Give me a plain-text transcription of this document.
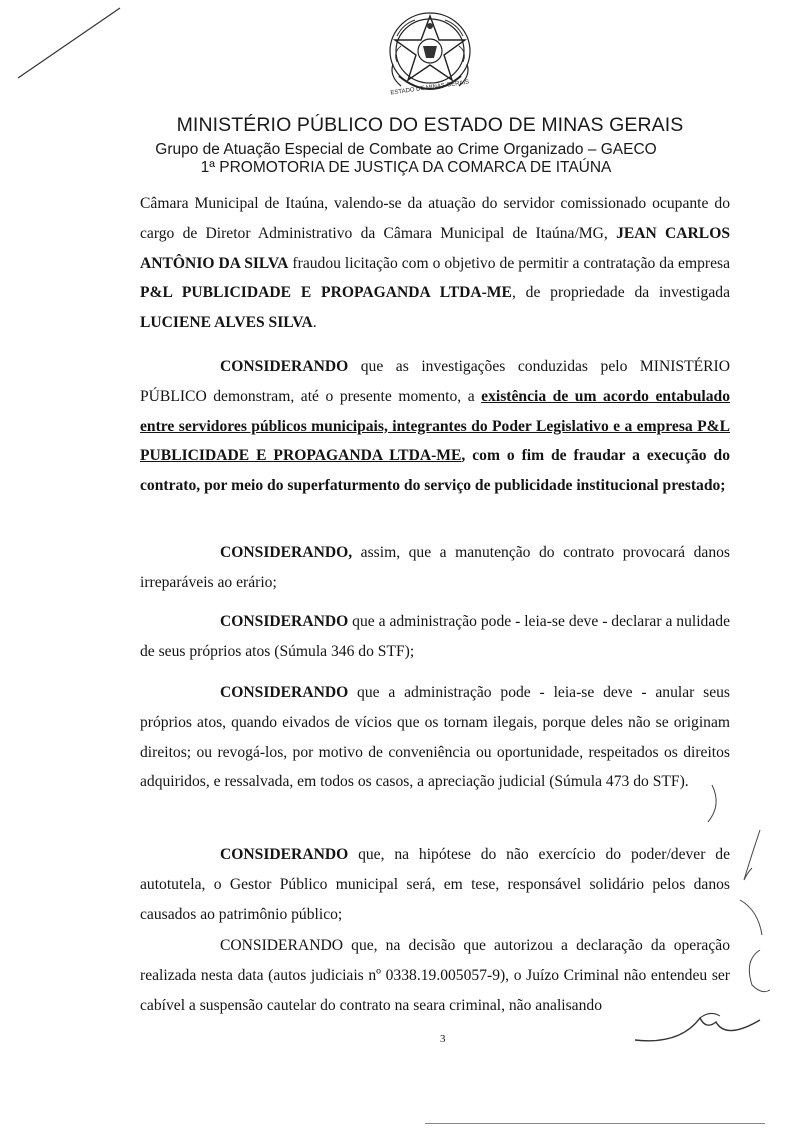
ESTADO DE MINAS GERAIS
MINISTÉRIO PÚBLICO DO ESTADO DE MINAS GERAIS
Grupo de Atuação Especial de Combate ao Crime Organizado – GAECO
1ª PROMOTORIA DE JUSTIÇA DA COMARCA DE ITAÚNA
Câmara Municipal de Itaúna, valendo-se da atuação do servidor comissionado ocupante do cargo de Diretor Administrativo da Câmara Municipal de Itaúna/MG, JEAN CARLOS ANTÔNIO DA SILVA fraudou licitação com o objetivo de permitir a contratação da empresa P&L PUBLICIDADE E PROPAGANDA LTDA-ME, de propriedade da investigada LUCIENE ALVES SILVA.
CONSIDERANDO que as investigações conduzidas pelo MINISTÉRIO PÚBLICO demonstram, até o presente momento, a existência de um acordo entabulado entre servidores públicos municipais, integrantes do Poder Legislativo e a empresa P&L PUBLICIDADE E PROPAGANDA LTDA-ME, com o fim de fraudar a execução do contrato, por meio do superfaturmento do serviço de publicidade institucional prestado;
CONSIDERANDO, assim, que a manutenção do contrato provocará danos irreparáveis ao erário;
CONSIDERANDO que a administração pode - leia-se deve - declarar a nulidade de seus próprios atos (Súmula 346 do STF);
CONSIDERANDO que a administração pode - leia-se deve - anular seus próprios atos, quando eivados de vícios que os tornam ilegais, porque deles não se originam direitos; ou revogá-los, por motivo de conveniência ou oportunidade, respeitados os direitos adquiridos, e ressalvada, em todos os casos, a apreciação judicial (Súmula 473 do STF).
CONSIDERANDO que, na hipótese do não exercício do poder/dever de autotutela, o Gestor Público municipal será, em tese, responsável solidário pelos danos causados ao patrimônio público;
CONSIDERANDO que, na decisão que autorizou a declaração da operação realizada nesta data (autos judiciais nº 0338.19.005057-9), o Juízo Criminal não entendeu ser cabível a suspensão cautelar do contrato na seara criminal, não analisando
3
